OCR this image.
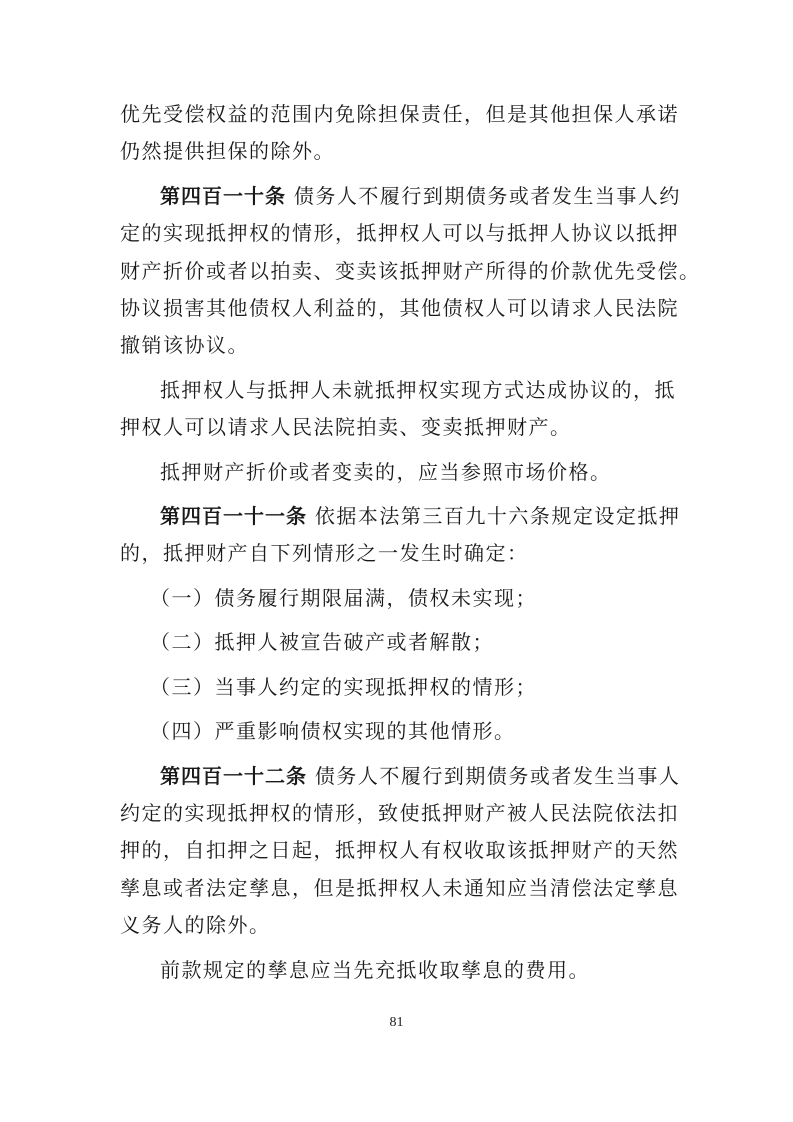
优先受偿权益的范围内免除担保责任，但是其他担保人承诺
仍然提供担保的除外。

第四百一十条 债务人不履行到期债务或者发生当事人约
定的实现抵押权的情形，抵押权人可以与抵押人协议以抵押
财产折价或者以拍卖、变卖该抵押财产所得的价款优先受偿。
协议损害其他债权人利益的，其他债权人可以请求人民法院
撤销该协议。

抵押权人与抵押人未就抵押权实现方式达成协议的，抵
押权人可以请求人民法院拍卖、变卖抵押财产。

抵押财产折价或者变卖的，应当参照市场价格。

第四百一十一条 依据本法第三百九十六条规定设定抵押
的，抵押财产自下列情形之一发生时确定：

（一）债务履行期限届满，债权未实现；

（二）抵押人被宣告破产或者解散；

（三）当事人约定的实现抵押权的情形；

（四）严重影响债权实现的其他情形。

第四百一十二条 债务人不履行到期债务或者发生当事人
约定的实现抵押权的情形，致使抵押财产被人民法院依法扣
押的，自扣押之日起，抵押权人有权收取该抵押财产的天然
孳息或者法定孳息，但是抵押权人未通知应当清偿法定孳息
义务人的除外。

前款规定的孳息应当先充抵收取孳息的费用。

81
